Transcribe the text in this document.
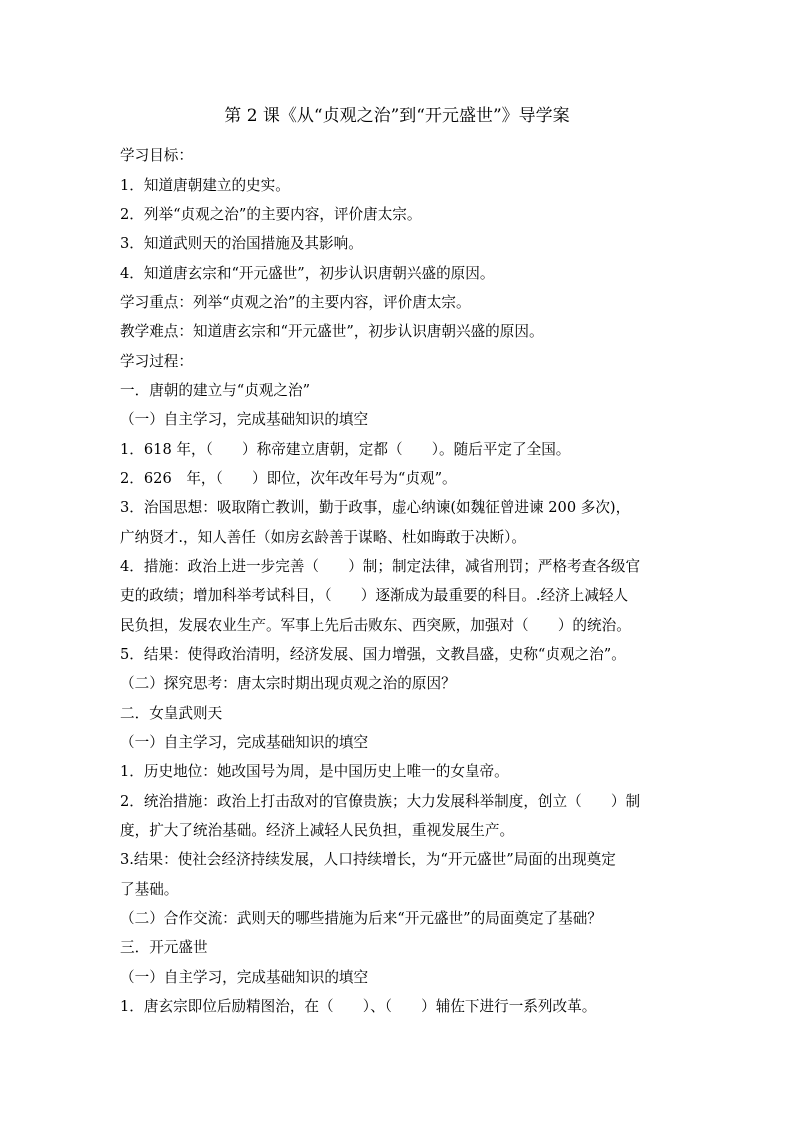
第 2 课《从“贞观之治”到“开元盛世”》导学案
学习目标：
1．知道唐朝建立的史实。
2．列举“贞观之治”的主要内容，评价唐太宗。
3．知道武则天的治国措施及其影响。
4．知道唐玄宗和“开元盛世”，初步认识唐朝兴盛的原因。
学习重点：列举“贞观之治”的主要内容，评价唐太宗。
教学难点：知道唐玄宗和“开元盛世”，初步认识唐朝兴盛的原因。
学习过程：
一．唐朝的建立与“贞观之治”
（一）自主学习，完成基础知识的填空
1．618 年，（　　）称帝建立唐朝，定都（　　）。随后平定了全国。
2．626　年，（　　）即位，次年改年号为“贞观”。
3．治国思想：吸取隋亡教训，勤于政事，虚心纳谏(如魏征曾进谏 200 多次)，
广纳贤才.，知人善任（如房玄龄善于谋略、杜如晦敢于决断）。
4．措施：政治上进一步完善（　　）制；制定法律，减省刑罚；严格考查各级官
吏的政绩；增加科举考试科目，（　　）逐渐成为最重要的科目。.经济上减轻人
民负担，发展农业生产。军事上先后击败东、西突厥，加强对（　　）的统治。
5．结果：使得政治清明，经济发展、国力增强，文教昌盛，史称“贞观之治”。
（二）探究思考：唐太宗时期出现贞观之治的原因？
二．女皇武则天
（一）自主学习，完成基础知识的填空
1．历史地位：她改国号为周，是中国历史上唯一的女皇帝。
2．统治措施：政治上打击敌对的官僚贵族；大力发展科举制度，创立（　　）制
度，扩大了统治基础。经济上减轻人民负担，重视发展生产。
3.结果：使社会经济持续发展，人口持续增长，为“开元盛世”局面的出现奠定
了基础。
（二）合作交流：武则天的哪些措施为后来“开元盛世”的局面奠定了基础？
三．开元盛世
（一）自主学习，完成基础知识的填空
1．唐玄宗即位后励精图治，在（　　）、（　　）辅佐下进行一系列改革。
